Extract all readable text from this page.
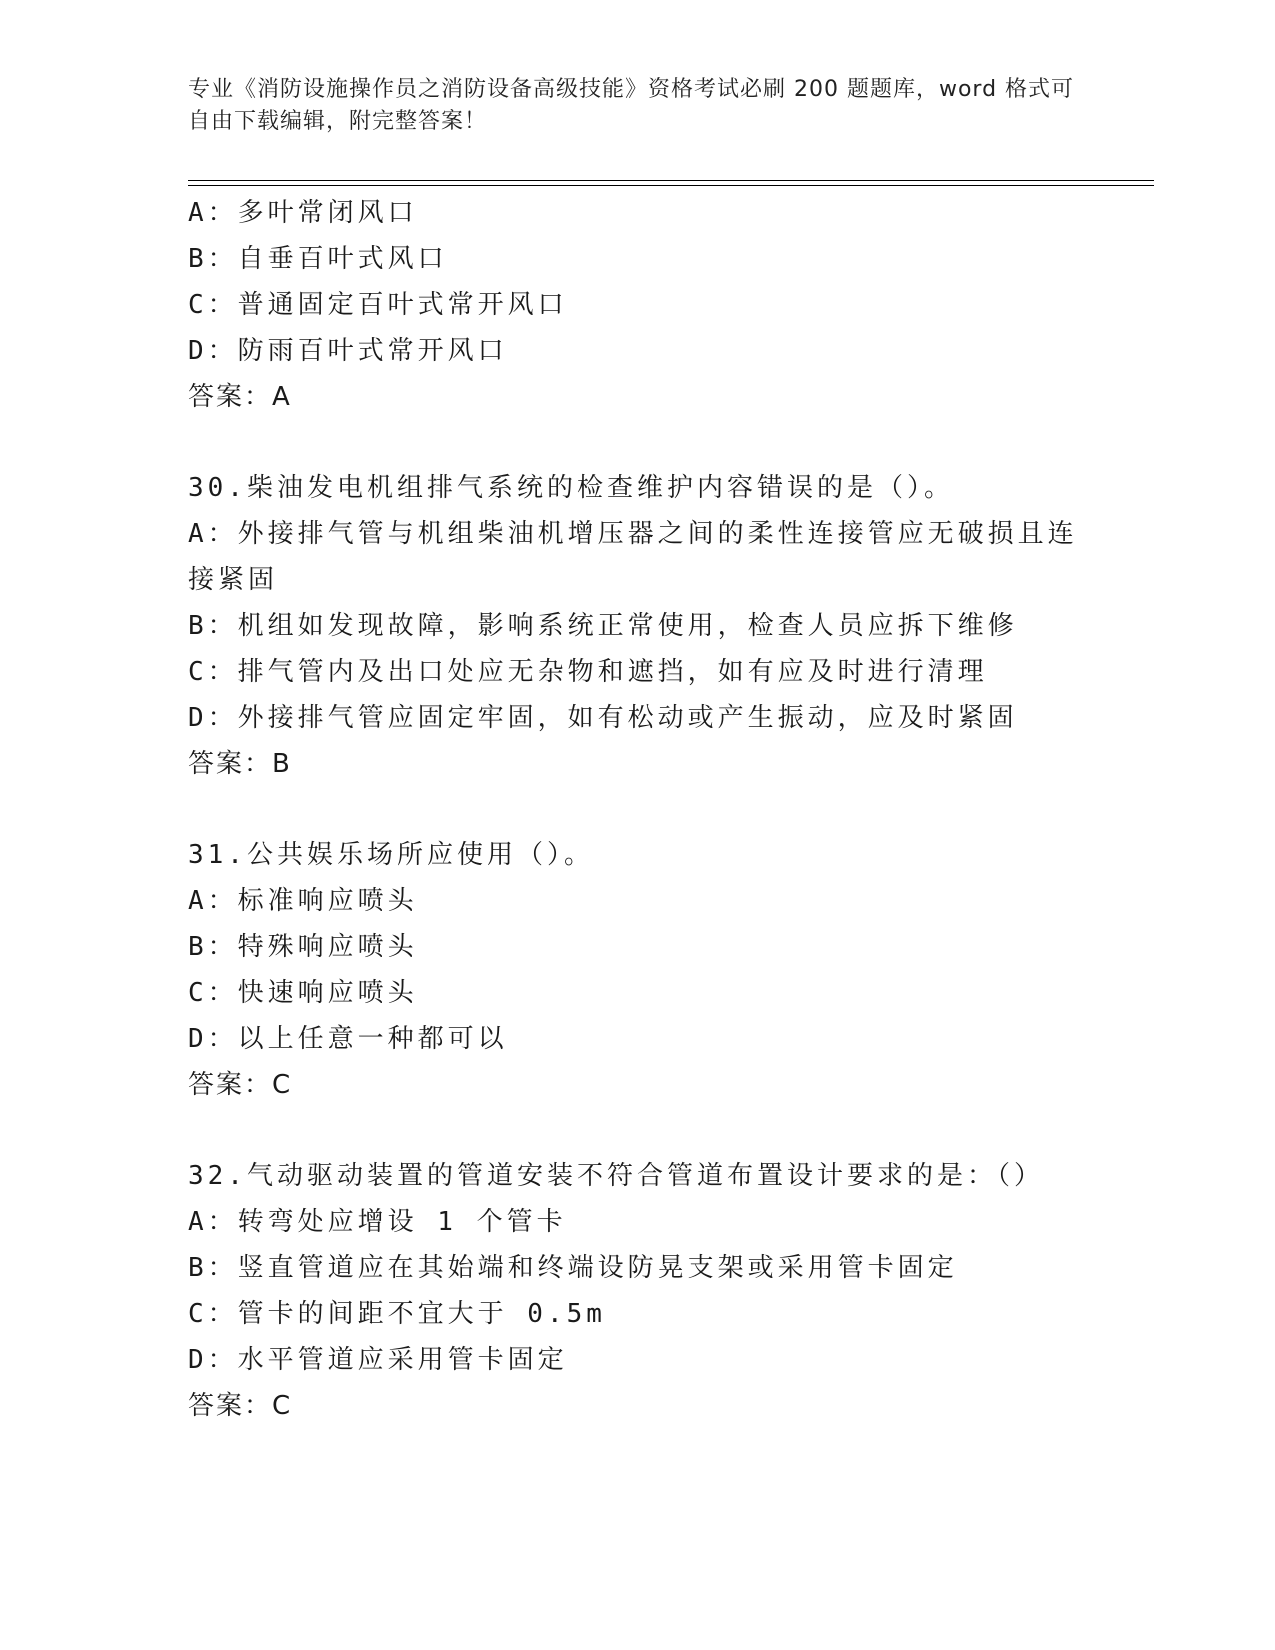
专业《消防设施操作员之消防设备高级技能》资格考试必刷 200 题题库，word 格式可自由下载编辑，附完整答案！
A：多叶常闭风口
B：自垂百叶式风口
C：普通固定百叶式常开风口
D：防雨百叶式常开风口
答案：A
30.柴油发电机组排气系统的检查维护内容错误的是（）。
A：外接排气管与机组柴油机增压器之间的柔性连接管应无破损且连接紧固
B：机组如发现故障，影响系统正常使用，检查人员应拆下维修
C：排气管内及出口处应无杂物和遮挡，如有应及时进行清理
D：外接排气管应固定牢固，如有松动或产生振动，应及时紧固
答案：B
31.公共娱乐场所应使用（）。
A：标准响应喷头
B：特殊响应喷头
C：快速响应喷头
D：以上任意一种都可以
答案：C
32.气动驱动装置的管道安装不符合管道布置设计要求的是：（）
A：转弯处应增设 1 个管卡
B：竖直管道应在其始端和终端设防晃支架或采用管卡固定
C：管卡的间距不宜大于 0.5m
D：水平管道应采用管卡固定
答案：C
